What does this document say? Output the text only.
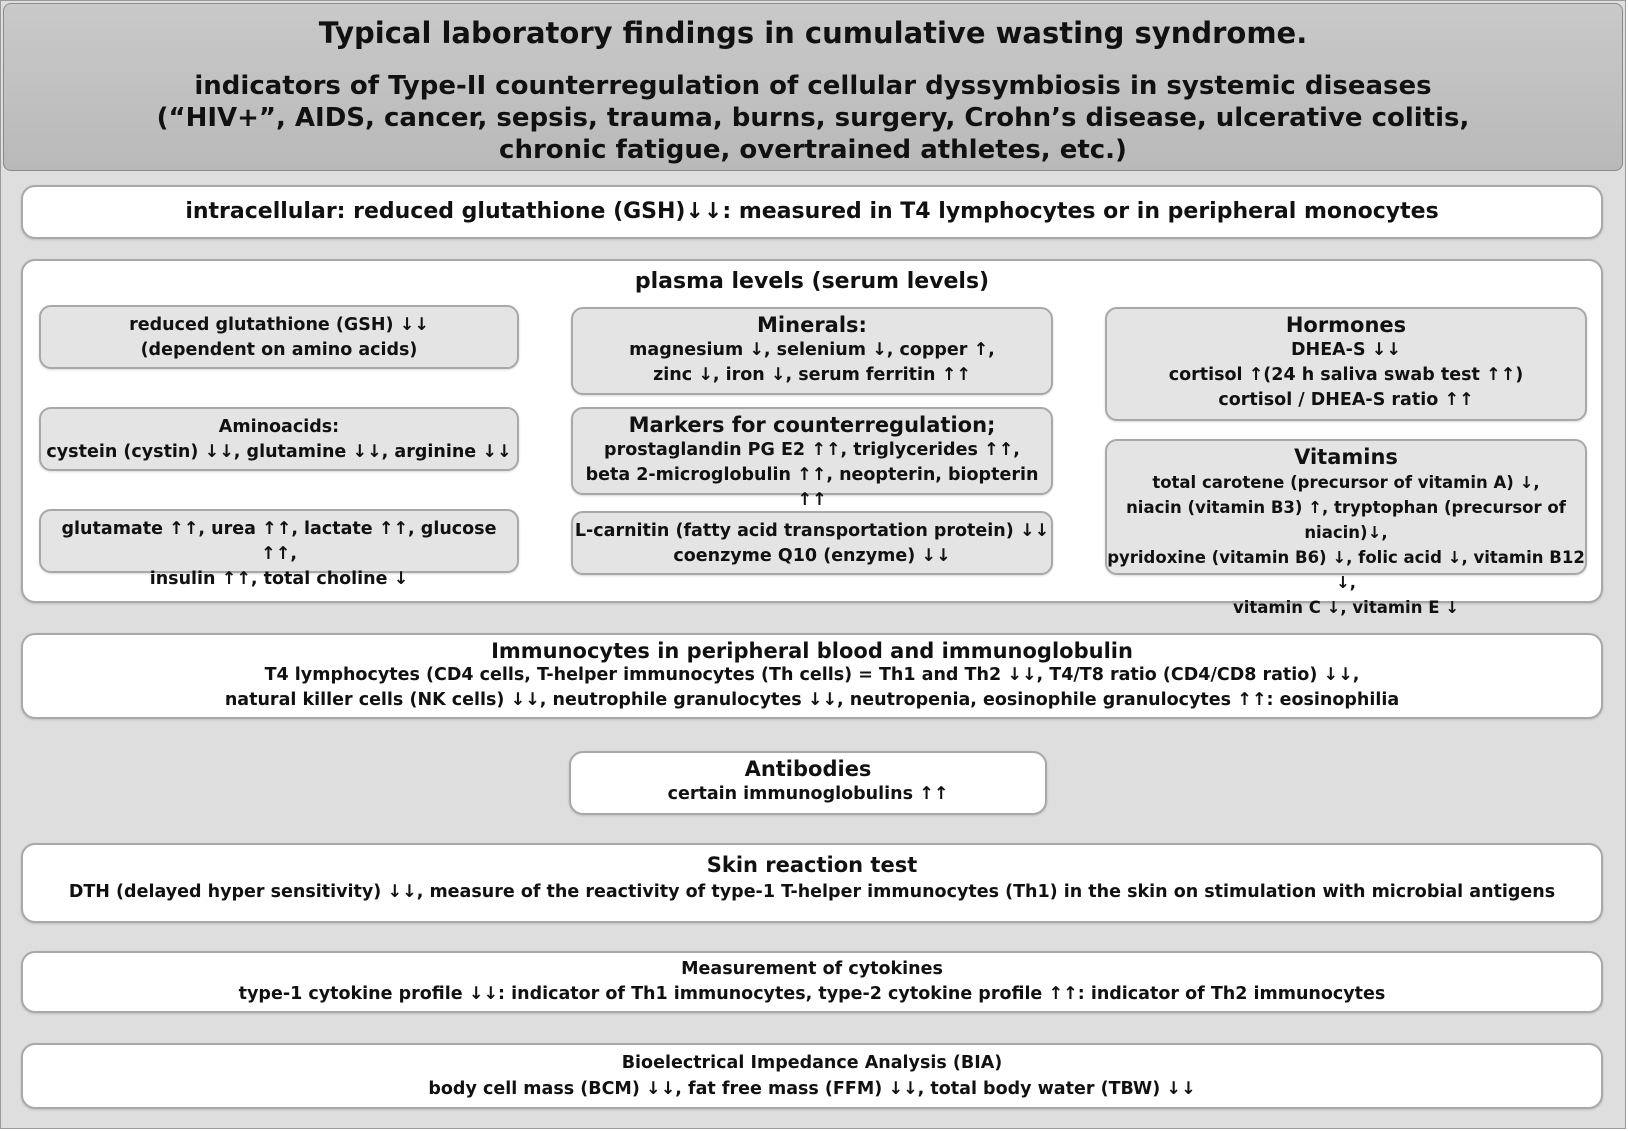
Typical laboratory findings in cumulative wasting syndrome.
indicators of Type-II counterregulation of cellular dyssymbiosis in systemic diseases
(“HIV+”, AIDS, cancer, sepsis, trauma, burns, surgery, Crohn’s disease, ulcerative colitis,
chronic fatigue, overtrained athletes, etc.)
intracellular: reduced glutathione (GSH)↓↓: measured in T4 lymphocytes or in peripheral monocytes
plasma levels (serum levels)
reduced glutathione (GSH) ↓↓
(dependent on amino acids)
Aminoacids:
cystein (cystin) ↓↓, glutamine ↓↓, arginine ↓↓
glutamate ↑↑, urea ↑↑, lactate ↑↑, glucose ↑↑,
insulin ↑↑, total choline ↓
Minerals:
magnesium ↓, selenium ↓, copper ↑,
zinc ↓, iron ↓, serum ferritin ↑↑
Markers for counterregulation;
prostaglandin PG E2 ↑↑, triglycerides ↑↑,
beta 2-microglobulin ↑↑, neopterin, biopterin ↑↑
L-carnitin (fatty acid transportation protein) ↓↓
coenzyme Q10 (enzyme) ↓↓
Hormones
DHEA-S ↓↓
cortisol ↑(24 h saliva swab test ↑↑)
cortisol / DHEA-S ratio ↑↑
Vitamins
total carotene (precursor of vitamin A) ↓,
niacin (vitamin B3) ↑, tryptophan (precursor of niacin)↓,
pyridoxine (vitamin B6) ↓, folic acid ↓, vitamin B12 ↓,
vitamin C ↓, vitamin E ↓
Immunocytes in peripheral blood and immunoglobulin
T4 lymphocytes (CD4 cells, T-helper immunocytes (Th cells) = Th1 and Th2 ↓↓, T4/T8 ratio (CD4/CD8 ratio) ↓↓,
natural killer cells (NK cells) ↓↓, neutrophile granulocytes ↓↓, neutropenia, eosinophile granulocytes ↑↑: eosinophilia
Antibodies
certain immunoglobulins ↑↑
Skin reaction test
DTH (delayed hyper sensitivity) ↓↓, measure of the reactivity of type-1 T-helper immunocytes (Th1) in the skin on stimulation with microbial antigens
Measurement of cytokines
type-1 cytokine profile ↓↓: indicator of Th1 immunocytes, type-2 cytokine profile ↑↑: indicator of Th2 immunocytes
Bioelectrical Impedance Analysis (BIA)
body cell mass (BCM) ↓↓, fat free mass (FFM) ↓↓, total body water (TBW) ↓↓
